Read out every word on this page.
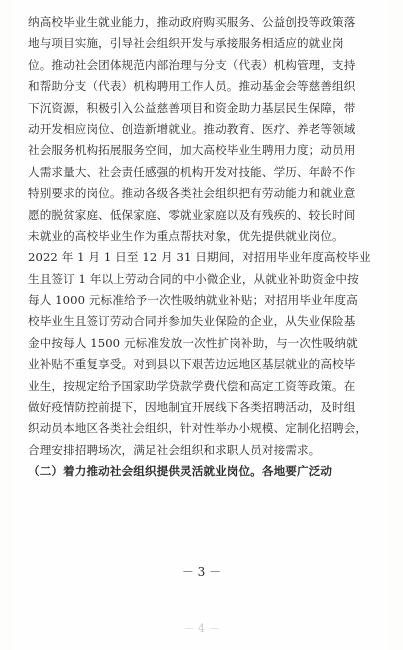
纳高校毕业生就业能力，推动政府购买服务、公益创投等政策落
地与项目实施，引导社会组织开发与承接服务相适应的就业岗
位。推动社会团体规范内部治理与分支（代表）机构管理，支持
和帮助分支（代表）机构聘用工作人员。推动基金会等慈善组织
下沉资源，积极引入公益慈善项目和资金助力基层民生保障，带
动开发相应岗位、创造新增就业。推动教育、医疗、养老等领域
社会服务机构拓展服务空间，加大高校毕业生聘用力度；动员用
人需求量大、社会责任感强的机构开发对技能、学历、年龄不作
特别要求的岗位。推动各级各类社会组织把有劳动能力和就业意
愿的脱贫家庭、低保家庭、零就业家庭以及有残疾的、较长时间
未就业的高校毕业生作为重点帮扶对象，优先提供就业岗位。
2022 年 1 月 1 日至 12 月 31 日期间，对招用毕业年度高校毕业
生且签订 1 年以上劳动合同的中小微企业，从就业补助资金中按
每人 1000 元标准给予一次性吸纳就业补贴；对招用毕业年度高
校毕业生且签订劳动合同并参加失业保险的企业，从失业保险基
金中按每人 1500 元标准发放一次性扩岗补助，与一次性吸纳就
业补贴不重复享受。对到县以下艰苦边远地区基层就业的高校毕
业生，按规定给予国家助学贷款学费代偿和高定工资等政策。在
做好疫情防控前提下，因地制宜开展线下各类招聘活动，及时组
织动员本地区各类社会组织，针对性举办小规模、定制化招聘会，
合理安排招聘场次，满足社会组织和求职人员对接需求。
（二）着力推动社会组织提供灵活就业岗位。各地要广泛动
－ 3 －
－ 4 －
